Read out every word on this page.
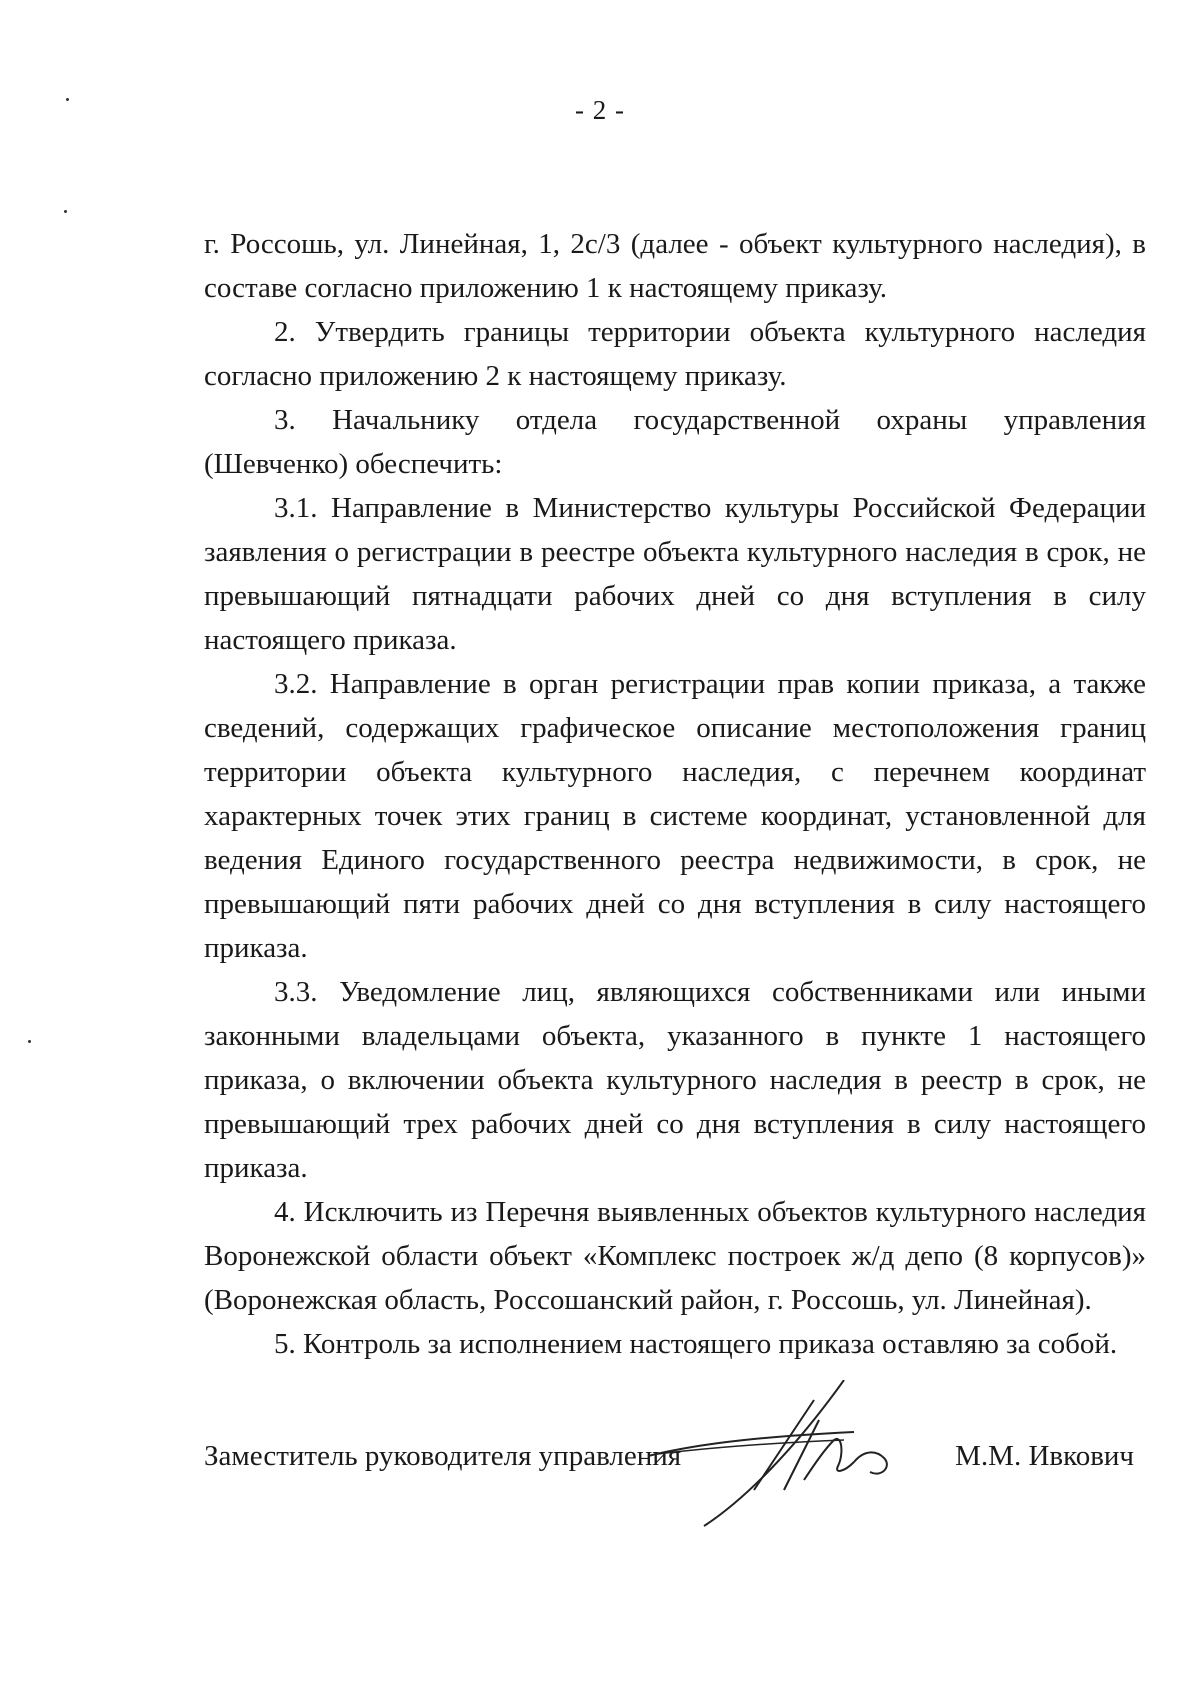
- 2 -

г. Россошь, ул. Линейная, 1, 2с/3 (далее - объект культурного наследия), в составе согласно приложению 1 к настоящему приказу.

2. Утвердить границы территории объекта культурного наследия согласно приложению 2 к настоящему приказу.

3. Начальнику отдела государственной охраны управления (Шевченко) обеспечить:

3.1. Направление в Министерство культуры Российской Федерации заявления о регистрации в реестре объекта культурного наследия в срок, не превышающий пятнадцати рабочих дней со дня вступления в силу настоящего приказа.

3.2. Направление в орган регистрации прав копии приказа, а также сведений, содержащих графическое описание местоположения границ территории объекта культурного наследия, с перечнем координат характерных точек этих границ в системе координат, установленной для ведения Единого государственного реестра недвижимости, в срок, не превышающий пяти рабочих дней со дня вступления в силу настоящего приказа.

3.3. Уведомление лиц, являющихся собственниками или иными законными владельцами объекта, указанного в пункте 1 настоящего приказа, о включении объекта культурного наследия в реестр в срок, не превышающий трех рабочих дней со дня вступления в силу настоящего приказа.

4. Исключить из Перечня выявленных объектов культурного наследия Воронежской области объект «Комплекс построек ж/д депо (8 корпусов)» (Воронежская область, Россошанский район, г. Россошь, ул. Линейная).

5. Контроль за исполнением настоящего приказа оставляю за собой.

Заместитель руководителя управления	М.М. Ивкович
